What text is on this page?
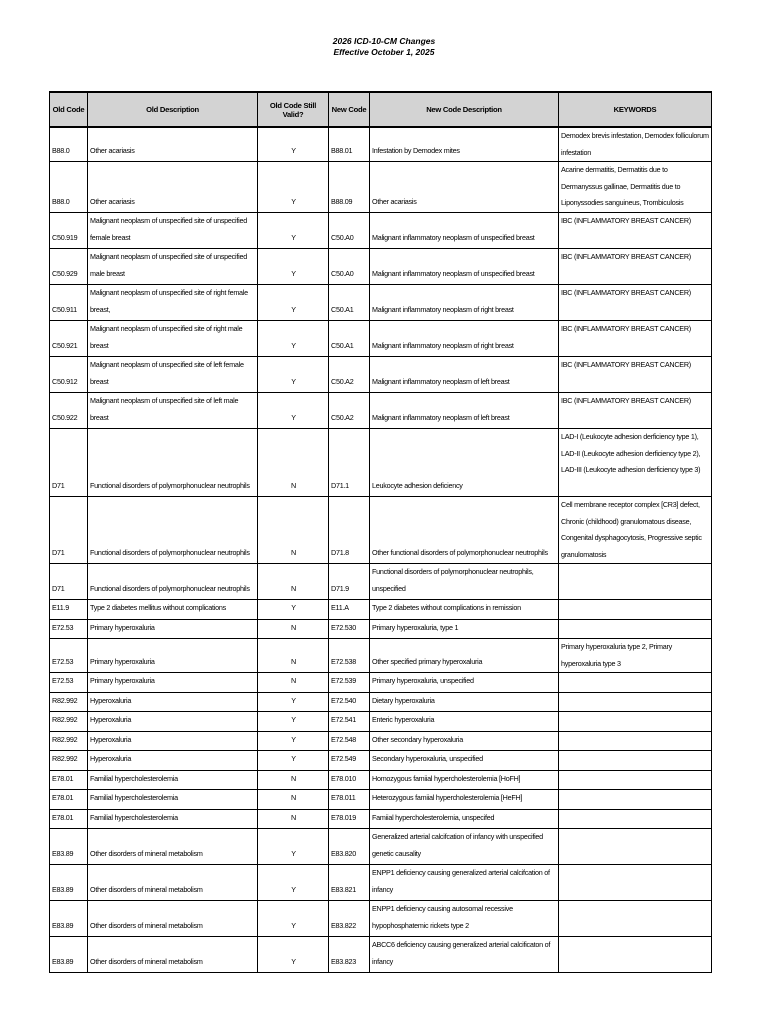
2026 ICD-10-CM Changes
Effective October 1, 2025
Old Code	Old Description	Old Code Still Valid?	New Code	New Code Description	KEYWORDS
B88.0	Other acariasis	Y	B88.01	Infestation by Demodex mites	Demodex brevis infestation, Demodex folliculorum infestation
B88.0	Other acariasis	Y	B88.09	Other acariasis	Acarine dermatitis, Dermatitis due to Dermanyssus gallinae, Dermatitis due to Liponyssodies sanguineus, Trombiculosis
C50.919	Malignant neoplasm of unspecified site of unspecified female breast	Y	C50.A0	Malignant inflammatory neoplasm of unspecified breast	IBC (INFLAMMATORY BREAST CANCER)
C50.929	Malignant neoplasm of unspecified site of unspecified male breast	Y	C50.A0	Malignant inflammatory neoplasm of unspecified breast	IBC (INFLAMMATORY BREAST CANCER)
C50.911	Malignant neoplasm of unspecified site of right female breast,	Y	C50.A1	Malignant inflammatory neoplasm of right breast	IBC (INFLAMMATORY BREAST CANCER)
C50.921	Malignant neoplasm of unspecified site of right male breast	Y	C50.A1	Malignant inflammatory neoplasm of right breast	IBC (INFLAMMATORY BREAST CANCER)
C50.912	Malignant neoplasm of unspecified site of left female breast	Y	C50.A2	Malignant inflammatory neoplasm of left breast	IBC (INFLAMMATORY BREAST CANCER)
C50.922	Malignant neoplasm of unspecified site of left male breast	Y	C50.A2	Malignant inflammatory neoplasm of left breast	IBC (INFLAMMATORY BREAST CANCER)
D71	Functional disorders of polymorphonuclear neutrophils	N	D71.1	Leukocyte adhesion deficiency	LAD-I (Leukocyte adhesion derficiency type 1), LAD-II (Leukocyte adhesion derficiency type 2), LAD-III (Leukocyte adhesion derficiency type 3)
D71	Functional disorders of polymorphonuclear neutrophils	N	D71.8	Other functional disorders of polymorphonuclear neutrophils	Cell membrane receptor complex [CR3] defect, Chronic (childhood) granulomatous disease, Congenital dysphagocytosis, Progressive septic granulomatosis
D71	Functional disorders of polymorphonuclear neutrophils	N	D71.9	Functional disorders of polymorphonuclear neutrophils, unspecified	
E11.9	Type 2 diabetes mellitus without complications	Y	E11.A	Type 2 diabetes without complications in remission	
E72.53	Primary hyperoxaluria	N	E72.530	Primary hyperoxaluria, type 1	
E72.53	Primary hyperoxaluria	N	E72.538	Other specified primary hyperoxaluria	Primary hyperoxaluria type 2, Primary hyperoxaluria type 3
E72.53	Primary hyperoxaluria	N	E72.539	Primary hyperoxaluria, unspecified	
R82.992	Hyperoxaluria	Y	E72.540	Dietary hyperoxaluria	
R82.992	Hyperoxaluria	Y	E72.541	Enteric hyperoxaluria	
R82.992	Hyperoxaluria	Y	E72.548	Other secondary hyperoxaluria	
R82.992	Hyperoxaluria	Y	E72.549	Secondary hyperoxaluria, unspecified	
E78.01	Familial hypercholesterolemia	N	E78.010	Homozygous famiial hypercholesterolemia [HoFH]	
E78.01	Familial hypercholesterolemia	N	E78.011	Heterozygous famiial hypercholesterolemia [HeFH]	
E78.01	Familial hypercholesterolemia	N	E78.019	Famiial hypercholesterolemia, unspecifed	
E83.89	Other disorders of mineral metabolism	Y	E83.820	Generalized arterial calcifcation of infancy with unspecified genetic causality	
E83.89	Other disorders of mineral metabolism	Y	E83.821	ENPP1 deficiency causing generalized arterial calcifcation of infancy	
E83.89	Other disorders of mineral metabolism	Y	E83.822	ENPP1 deficiency causing autosomal recessive hypophosphatemic rickets type 2	
E83.89	Other disorders of mineral metabolism	Y	E83.823	ABCC6 deficiency causing generalized arterial calcificaton of infancy	
